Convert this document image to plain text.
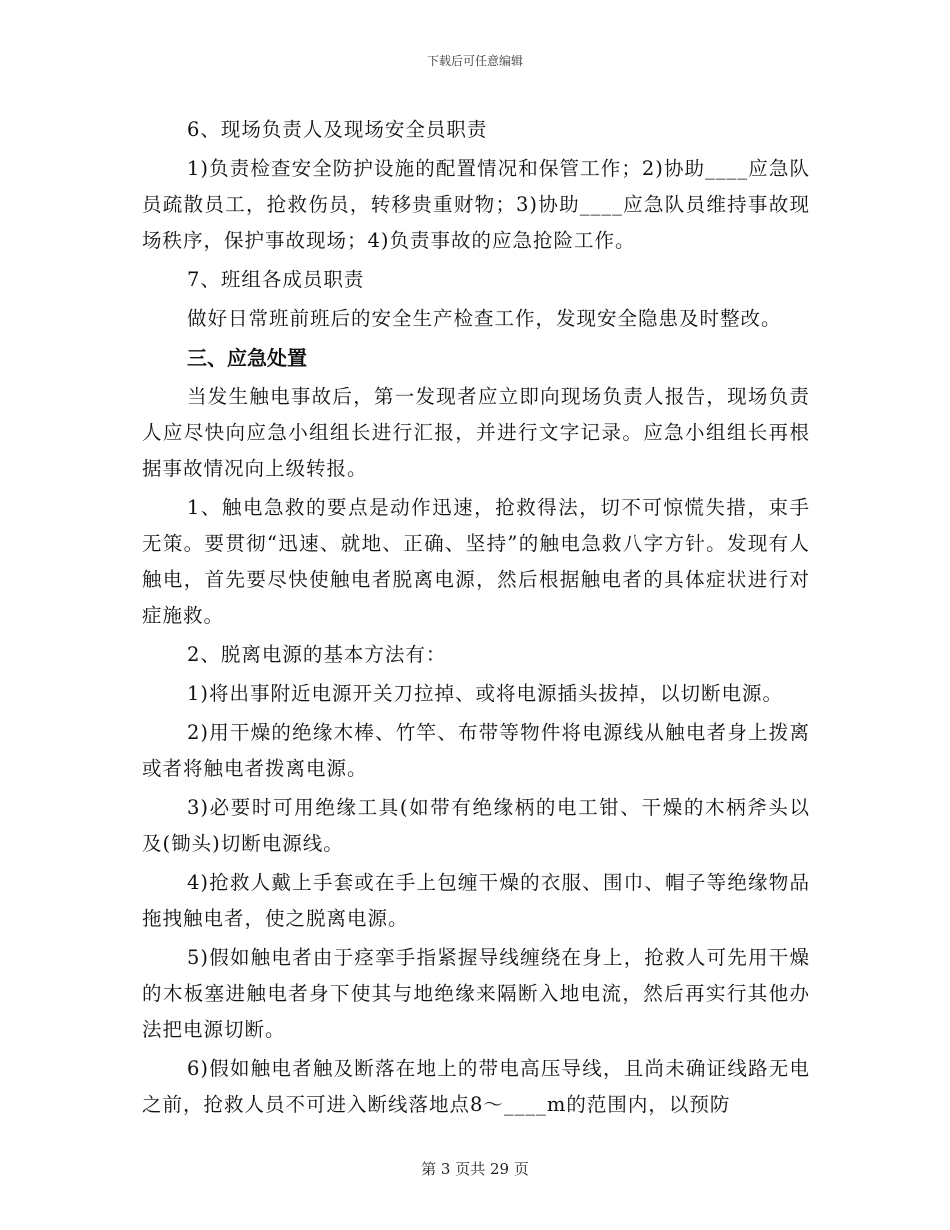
下载后可任意编辑

6、现场负责人及现场安全员职责

1)负责检查安全防护设施的配置情况和保管工作；2)协助____应急队员疏散员工，抢救伤员，转移贵重财物；3)协助____应急队员维持事故现场秩序，保护事故现场；4)负责事故的应急抢险工作。

7、班组各成员职责

做好日常班前班后的安全生产检查工作，发现安全隐患及时整改。

三、应急处置

当发生触电事故后，第一发现者应立即向现场负责人报告，现场负责人应尽快向应急小组组长进行汇报，并进行文字记录。应急小组组长再根据事故情况向上级转报。

1、触电急救的要点是动作迅速，抢救得法，切不可惊慌失措，束手无策。要贯彻“迅速、就地、正确、坚持”的触电急救八字方针。发现有人触电，首先要尽快使触电者脱离电源，然后根据触电者的具体症状进行对症施救。

2、脱离电源的基本方法有：

1)将出事附近电源开关刀拉掉、或将电源插头拔掉，以切断电源。

2)用干燥的绝缘木棒、竹竿、布带等物件将电源线从触电者身上拨离或者将触电者拨离电源。

3)必要时可用绝缘工具(如带有绝缘柄的电工钳、干燥的木柄斧头以及(锄头)切断电源线。

4)抢救人戴上手套或在手上包缠干燥的衣服、围巾、帽子等绝缘物品拖拽触电者，使之脱离电源。

5)假如触电者由于痉挛手指紧握导线缠绕在身上，抢救人可先用干燥的木板塞进触电者身下使其与地绝缘来隔断入地电流，然后再实行其他办法把电源切断。

6)假如触电者触及断落在地上的带电高压导线，且尚未确证线路无电之前，抢救人员不可进入断线落地点8～____m的范围内，以预防

第 3 页共 29 页
